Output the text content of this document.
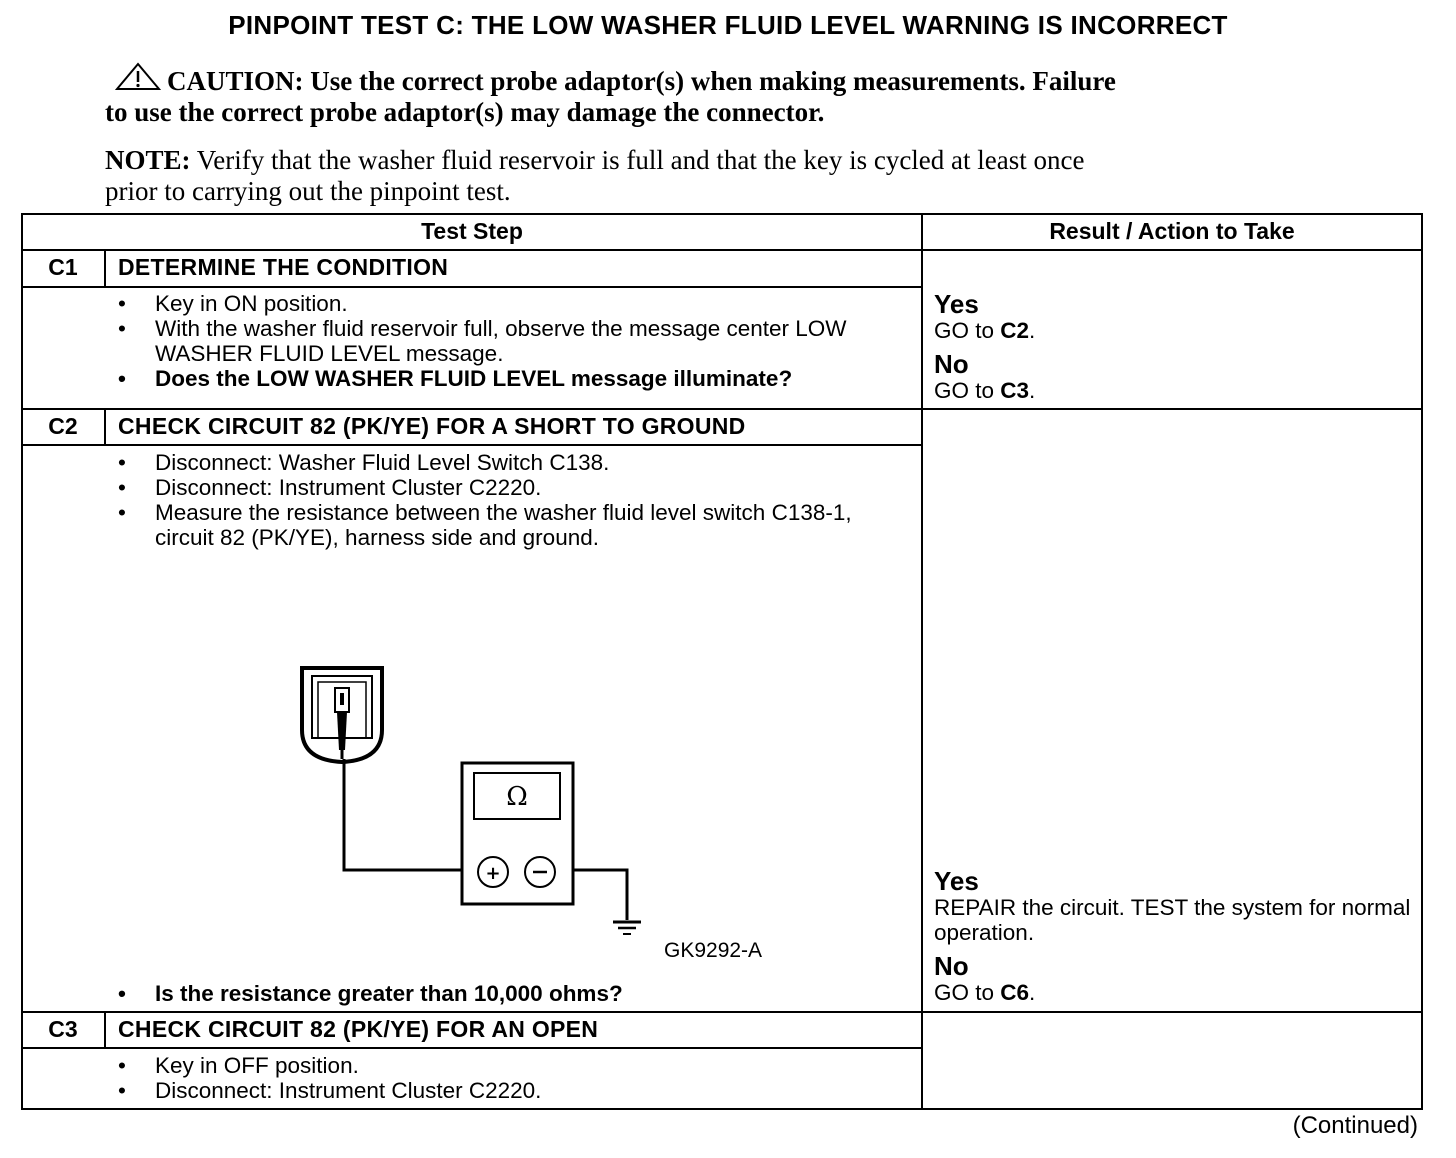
PINPOINT TEST C: THE LOW WASHER FLUID LEVEL WARNING IS INCORRECT
CAUTION: Use the correct probe adaptor(s) when making measurements. Failure
to use the correct probe adaptor(s) may damage the connector.
NOTE: Verify that the washer fluid reservoir is full and that the key is cycled at least once
prior to carrying out the pinpoint test.
Test Step	Result / Action to Take
C1	DETERMINE THE CONDITION
• Key in ON position.
• With the washer fluid reservoir full, observe the message center LOW WASHER FLUID LEVEL message.
• Does the LOW WASHER FLUID LEVEL message illuminate?
Yes
GO to C2.
No
GO to C3.
C2	CHECK CIRCUIT 82 (PK/YE) FOR A SHORT TO GROUND
• Disconnect: Washer Fluid Level Switch C138.
• Disconnect: Instrument Cluster C2220.
• Measure the resistance between the washer fluid level switch C138-1, circuit 82 (PK/YE), harness side and ground.
Ω
+
GK9292-A
• Is the resistance greater than 10,000 ohms?
Yes
REPAIR the circuit. TEST the system for normal operation.
No
GO to C6.
C3	CHECK CIRCUIT 82 (PK/YE) FOR AN OPEN
• Key in OFF position.
• Disconnect: Instrument Cluster C2220.
(Continued)
